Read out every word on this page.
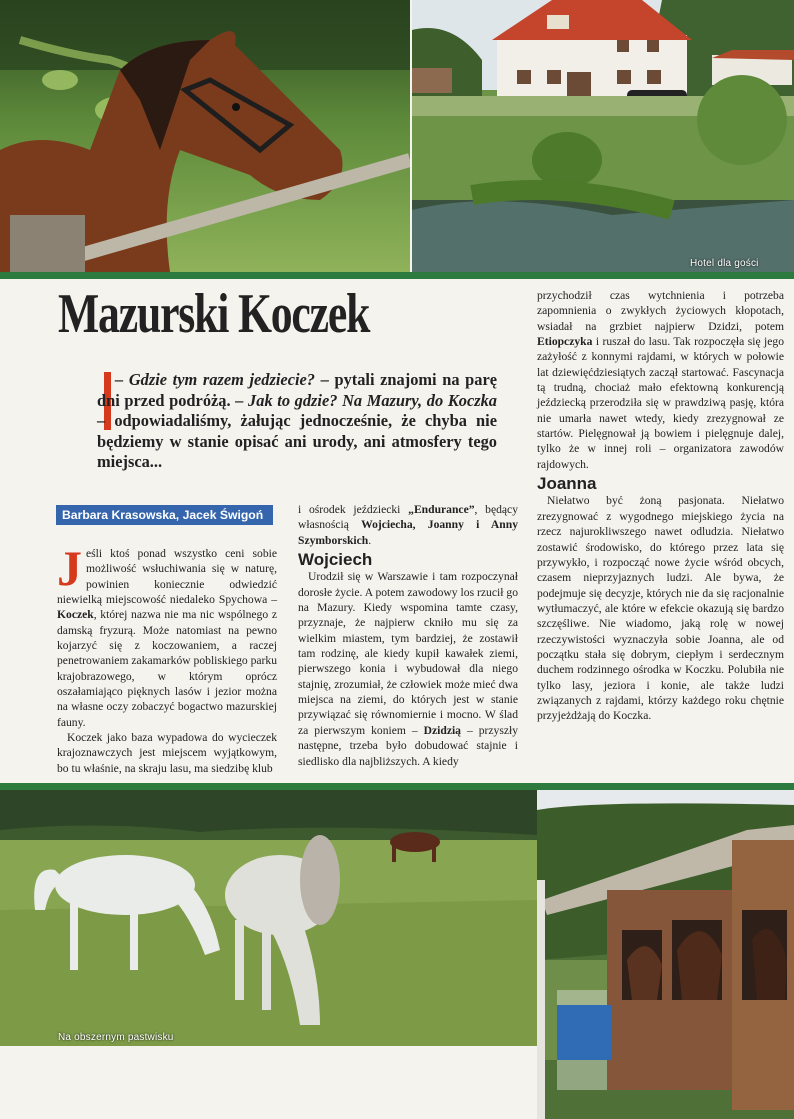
Hotel dla gości
Mazurski Koczek
– Gdzie tym razem jedziecie? – pytali znajomi na parę dni przed podróżą. – Jak to gdzie? Na Mazury, do Koczka – odpowiadaliśmy, żałując jednocześnie, że chyba nie będziemy w stanie opisać ani urody, ani atmosfery tego miejsca...
Barbara Krasowska, Jacek Świgoń

Jeśli ktoś ponad wszystko ceni sobie możliwość wsłuchiwania się w naturę, powinien koniecznie odwiedzić niewielką miejscowość niedaleko Spychowa – Koczek, której nazwa nie ma nic wspólnego z damską fryzurą. Może natomiast na pewno kojarzyć się z koczowaniem, a raczej penetrowaniem zakamarków pobliskiego parku krajobrazowego, w którym oprócz oszałamiająco pięknych lasów i jezior można na własne oczy zobaczyć bogactwo mazurskiej fauny.

Koczek jako baza wypadowa do wycieczek krajoznawczych jest miejscem wyjątkowym, bo tu właśnie, na skraju lasu, ma siedzibę klub

i ośrodek jeździecki „Endurance”, będący własnością Wojciecha, Joanny i Anny Szymborskich.

Wojciech

Urodził się w Warszawie i tam rozpoczynał dorosłe życie. A potem zawodowy los rzucił go na Mazury. Kiedy wspomina tamte czasy, przyznaje, że najpierw ckniło mu się za wielkim miastem, tym bardziej, że zostawił tam rodzinę, ale kiedy kupił kawałek ziemi, pierwszego konia i wybudował dla niego stajnię, zrozumiał, że człowiek może mieć dwa miejsca na ziemi, do których jest w stanie przywiązać się równomiernie i mocno. W ślad za pierwszym koniem – Dzidzią – przyszły następne, trzeba było dobudować stajnie i siedlisko dla najbliższych. A kiedy

przychodził czas wytchnienia i potrzeba zapomnienia o zwykłych życiowych kłopotach, wsiadał na grzbiet najpierw Dzidzi, potem Etiopczyka i ruszał do lasu. Tak rozpoczęła się jego zażyłość z konnymi rajdami, w których w połowie lat dziewięćdziesiątych zaczął startować. Fascynacja tą trudną, chociaż mało efektowną konkurencją jeździecką przerodziła się w prawdziwą pasję, która nie umarła nawet wtedy, kiedy zrezygnował ze startów. Pielęgnował ją bowiem i pielęgnuje dalej, tylko że w innej roli – organizatora zawodów rajdowych.

Joanna

Niełatwo być żoną pasjonata. Niełatwo zrezygnować z wygodnego miejskiego życia na rzecz najurokliwszego nawet odludzia. Niełatwo zostawić środowisko, do którego przez lata się przywykło, i rozpocząć nowe życie wśród obcych, czasem nieprzyjaznych ludzi. Ale bywa, że podejmuje się decyzje, których nie da się racjonalnie wytłumaczyć, ale które w efekcie okazują się bardzo szczęśliwe. Nie wiadomo, jaką rolę w nowej rzeczywistości wyznaczyła sobie Joanna, ale od początku stała się dobrym, ciepłym i serdecznym duchem rodzinnego ośrodka w Koczku. Polubiła nie tylko lasy, jeziora i konie, ale także ludzi związanych z rajdami, którzy każdego roku chętnie przyjeżdżają do Koczka.

Na obszernym pastwisku
